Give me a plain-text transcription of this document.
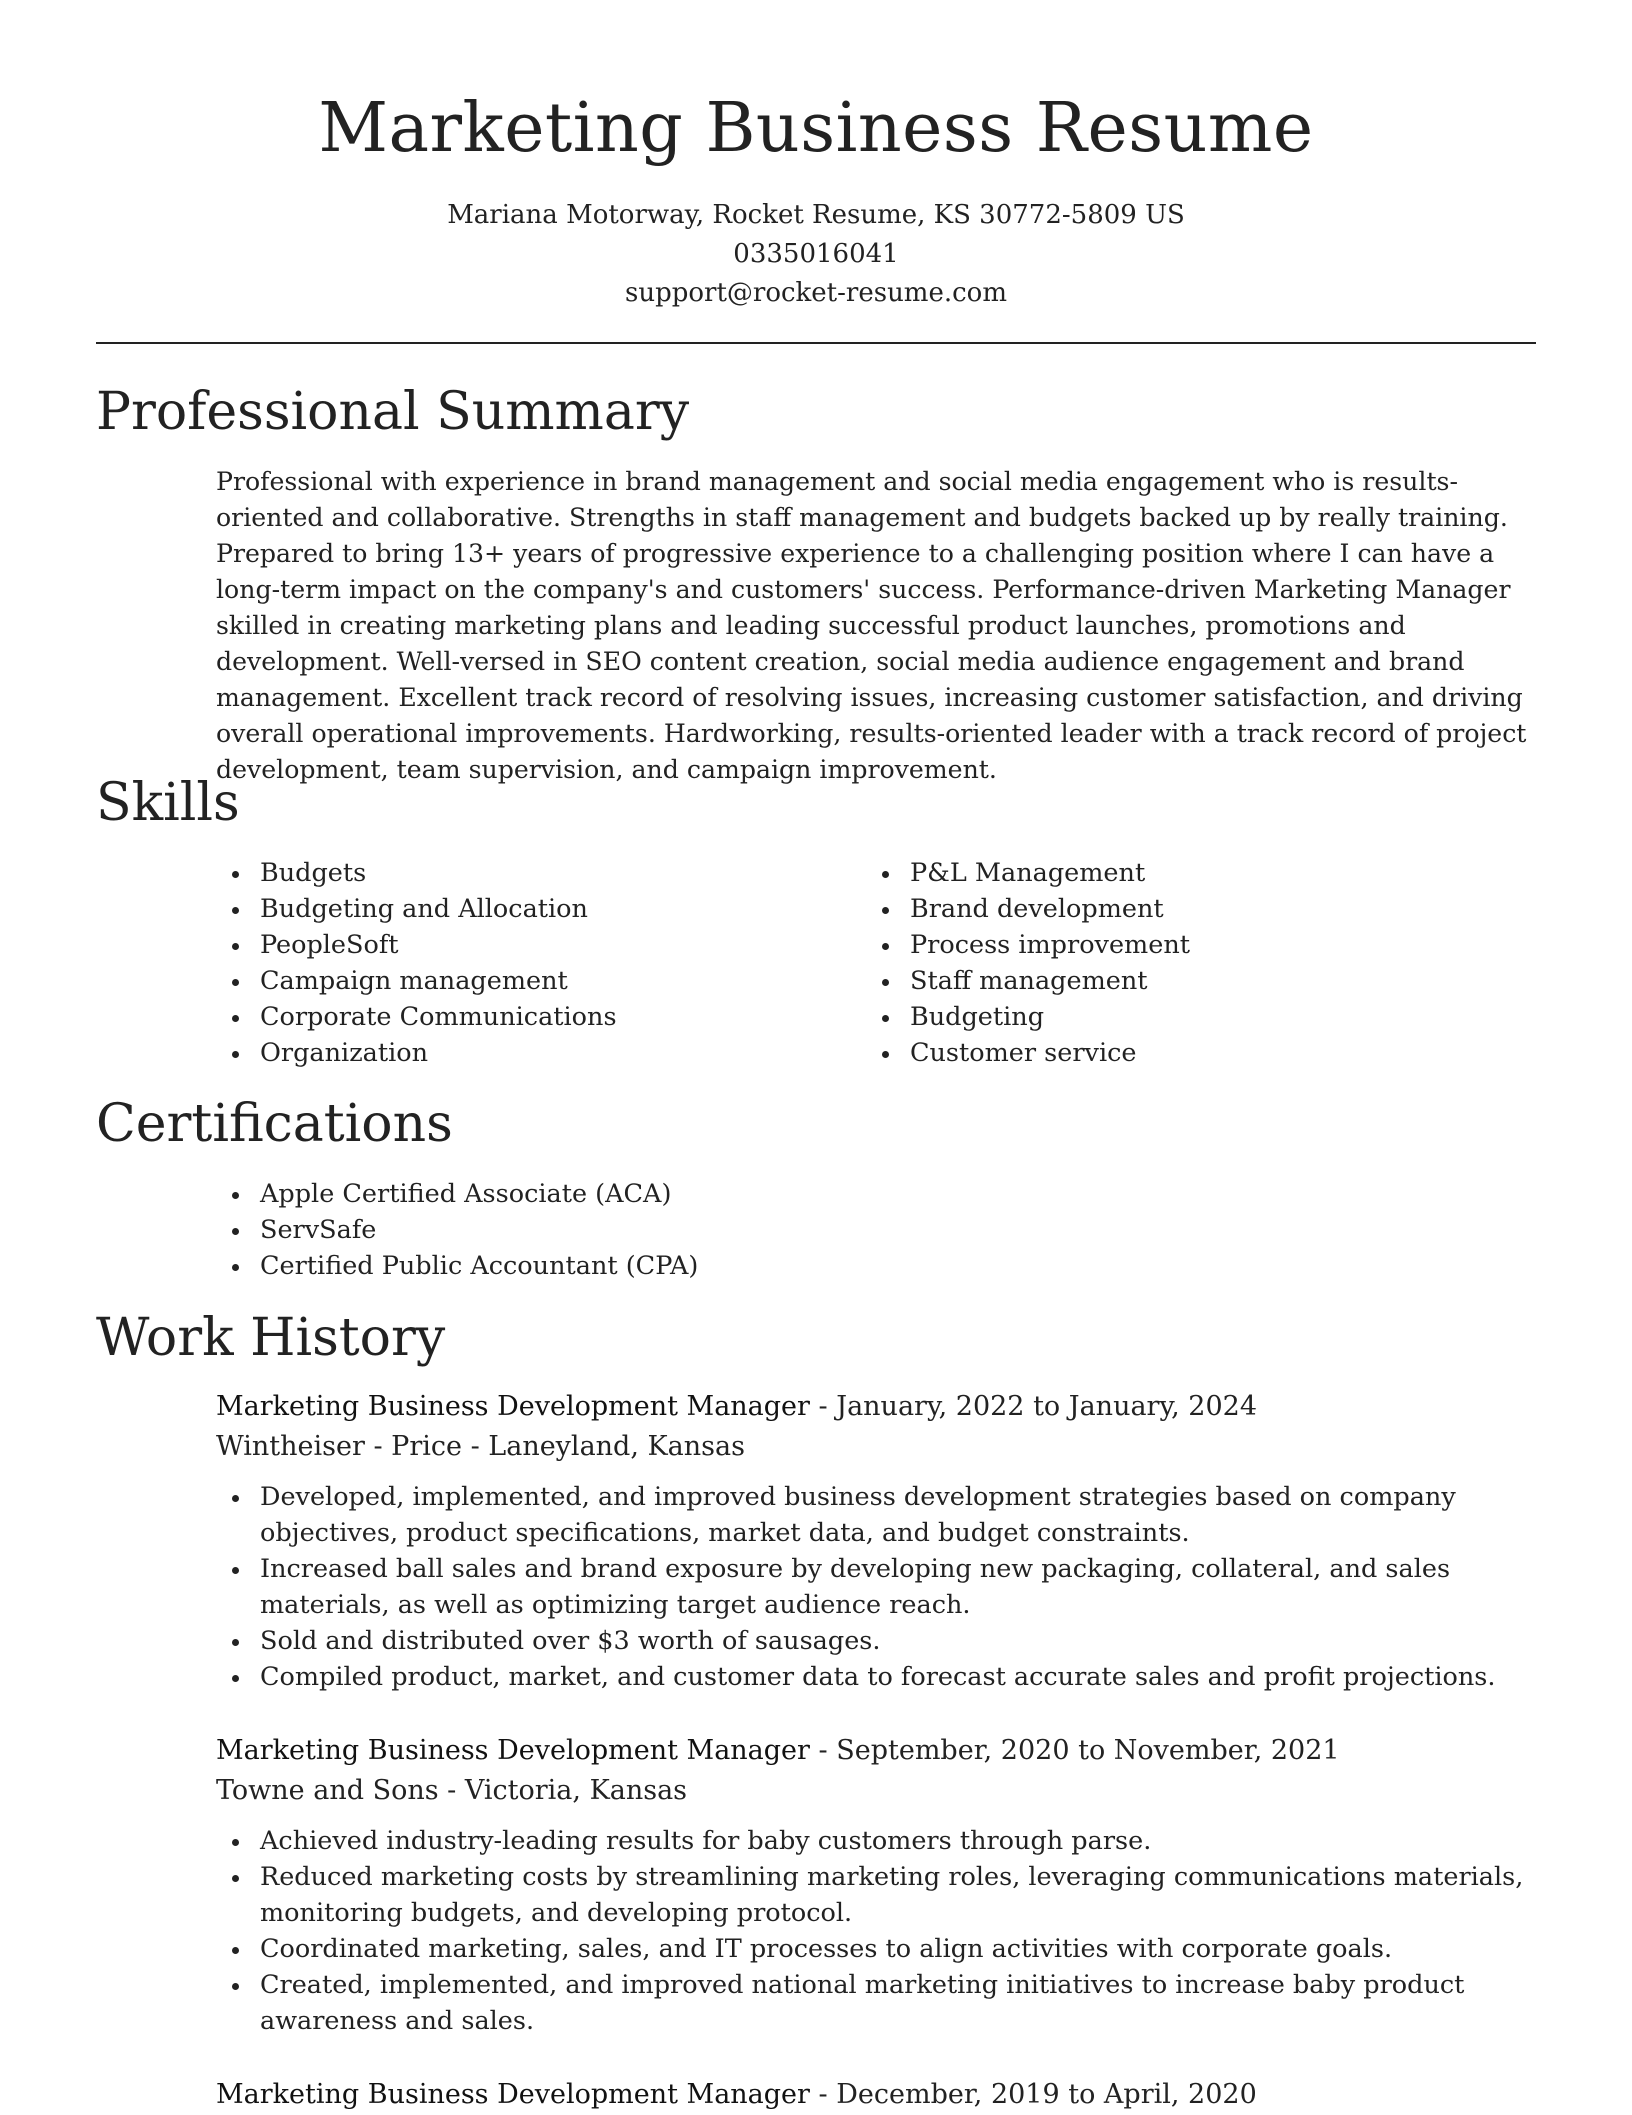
Marketing Business Resume
Mariana Motorway, Rocket Resume, KS 30772-5809 US
0335016041
support@rocket-resume.com
Professional Summary

Professional with experience in brand management and social media engagement who is results-oriented and collaborative. Strengths in staff management and budgets backed up by really training. Prepared to bring 13+ years of progressive experience to a challenging position where I can have a long-term impact on the company's and customers' success. Performance-driven Marketing Manager skilled in creating marketing plans and leading successful product launches, promotions and development. Well-versed in SEO content creation, social media audience engagement and brand management. Excellent track record of resolving issues, increasing customer satisfaction, and driving overall operational improvements. Hardworking, results-oriented leader with a track record of project development, team supervision, and campaign improvement.

Skills
Budgets
Budgeting and Allocation
PeopleSoft
Campaign management
Corporate Communications
Organization
P&L Management
Brand development
Process improvement
Staff management
Budgeting
Customer service
Certifications
Apple Certified Associate (ACA)
ServSafe
Certified Public Accountant (CPA)
Work History
Marketing Business Development Manager - January, 2022 to January, 2024
Wintheiser - Price - Laneyland, Kansas
Developed, implemented, and improved business development strategies based on company objectives, product specifications, market data, and budget constraints.
Increased ball sales and brand exposure by developing new packaging, collateral, and sales materials, as well as optimizing target audience reach.
Sold and distributed over $3 worth of sausages.
Compiled product, market, and customer data to forecast accurate sales and profit projections.
Marketing Business Development Manager - September, 2020 to November, 2021
Towne and Sons - Victoria, Kansas
Achieved industry-leading results for baby customers through parse.
Reduced marketing costs by streamlining marketing roles, leveraging communications materials, monitoring budgets, and developing protocol.
Coordinated marketing, sales, and IT processes to align activities with corporate goals.
Created, implemented, and improved national marketing initiatives to increase baby product awareness and sales.
Marketing Business Development Manager - December, 2019 to April, 2020
